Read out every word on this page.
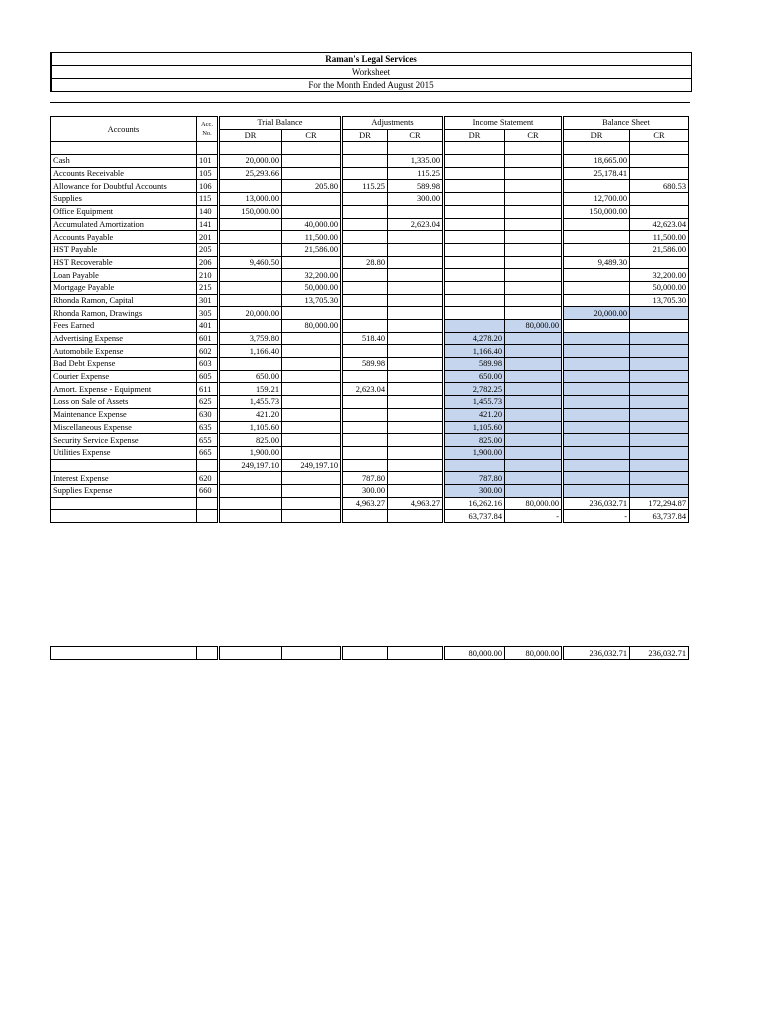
Raman's Legal Services
Worksheet
For the Month Ended August 2015
Accounts	Acc. No.	Trial Balance		Adjustments		Income Statement		Balance Sheet	
		DR	CR	DR	CR	DR	CR	DR	CR

Cash	101	20,000.00			1,335.00			18,665.00	
Accounts Receivable	105	25,293.66			115.25			25,178.41	
Allowance for Doubtful Accounts	106		205.80	115.25	589.98				680.53
Supplies	115	13,000.00			300.00			12,700.00	
Office Equipment	140	150,000.00						150,000.00	
Accumulated Amortization	141		40,000.00		2,623.04				42,623.04
Accounts Payable	201		11,500.00						11,500.00
HST Payable	205		21,586.00						21,586.00
HST Recoverable	206	9,460.50		28.80				9,489.30	
Loan Payable	210		32,200.00						32,200.00
Mortgage Payable	215		50,000.00						50,000.00
Rhonda Ramon, Capital	301		13,705.30						13,705.30
Rhonda Ramon, Drawings	305	20,000.00						20,000.00	
Fees Earned	401		80,000.00				80,000.00		
Advertising Expense	601	3,759.80		518.40		4,278.20			
Automobile Expense	602	1,166.40				1,166.40			
Bad Debt Expense	603			589.98		589.98			
Courier Expense	605	650.00				650.00			
Amort. Expense - Equipment	611	159.21		2,623.04		2,782.25			
Loss on Sale of Assets	625	1,455.73				1,455.73			
Maintenance Expense	630	421.20				421.20			
Miscellaneous Expense	635	1,105.60				1,105.60			
Security Service Expense	655	825.00				825.00			
Utilities Expense	665	1,900.00				1,900.00			
		249,197.10	249,197.10						
Interest Expense	620			787.80		787.80			
Supplies Expense	660			300.00		300.00			
				4,963.27	4,963.27	16,262.16	80,000.00	236,032.71	172,294.87
						63,737.84	-	-	63,737.84
						80,000.00	80,000.00	236,032.71	236,032.71
